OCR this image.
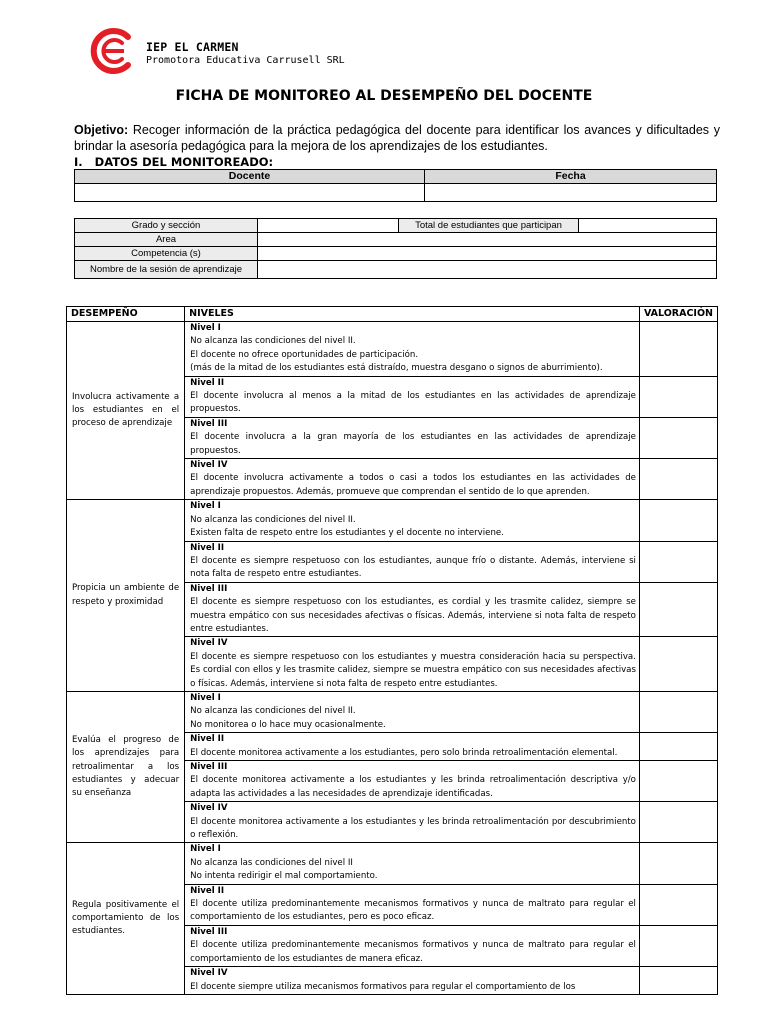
IEP EL CARMEN
Promotora Educativa Carrusell SRL
FICHA DE MONITOREO AL DESEMPEÑO DEL DOCENTE
Objetivo: Recoger información de la práctica pedagógica del docente para identificar los avances y dificultades y brindar la asesoría pedagógica para la mejora de los aprendizajes de los estudiantes.
I. DATOS DEL MONITOREADO:
Docente	Fecha

Grado y sección		Total de estudiantes que participan	
Area			
Competencia (s)			
Nombre de la sesión de aprendizaje			
DESEMPEÑO	NIVELES	VALORACIÓN
Involucra activamente a los estudiantes en el proceso de aprendizaje	Nivel I
No alcanza las condiciones del nivel II.
El docente no ofrece oportunidades de participación.
(más de la mitad de los estudiantes está distraído, muestra desgano o signos de aburrimiento).	

	Nivel II
El docente involucra al menos a la mitad de los estudiantes en las actividades de aprendizaje propuestos.	

	Nivel III
El docente involucra a la gran mayoría de los estudiantes en las actividades de aprendizaje propuestos.	

	Nivel IV
El docente involucra activamente a todos o casi a todos los estudiantes en las actividades de aprendizaje propuestos. Además, promueve que comprendan el sentido de lo que aprenden.	

Propicia un ambiente de respeto y proximidad	Nivel I
No alcanza las condiciones del nivel II.
Existen falta de respeto entre los estudiantes y el docente no interviene.	

	Nivel II
El docente es siempre respetuoso con los estudiantes, aunque frío o distante. Además, interviene si nota falta de respeto entre estudiantes.	

	Nivel III
El docente es siempre respetuoso con los estudiantes, es cordial y les trasmite calidez, siempre se muestra empático con sus necesidades afectivas o físicas. Además, interviene si nota falta de respeto entre estudiantes.	

	Nivel IV
El docente es siempre respetuoso con los estudiantes y muestra consideración hacia su perspectiva. Es cordial con ellos y les trasmite calidez, siempre se muestra empático con sus necesidades afectivas o físicas. Además, interviene si nota falta de respeto entre estudiantes.	

Evalúa el progreso de los aprendizajes para retroalimentar a los estudiantes y adecuar su enseñanza	Nivel I
No alcanza las condiciones del nivel II.
No monitorea o lo hace muy ocasionalmente.	

	Nivel II
El docente monitorea activamente a los estudiantes, pero solo brinda retroalimentación elemental.	

	Nivel III
El docente monitorea activamente a los estudiantes y les brinda retroalimentación descriptiva y/o adapta las actividades a las necesidades de aprendizaje identificadas.	

	Nivel IV
El docente monitorea activamente a los estudiantes y les brinda retroalimentación por descubrimiento o reflexión.	

Regula positivamente el comportamiento de los estudiantes.	Nivel I
No alcanza las condiciones del nivel II
No intenta redirigir el mal comportamiento.	

	Nivel II
El docente utiliza predominantemente mecanismos formativos y nunca de maltrato para regular el comportamiento de los estudiantes, pero es poco eficaz.	

	Nivel III
El docente utiliza predominantemente mecanismos formativos y nunca de maltrato para regular el comportamiento de los estudiantes de manera eficaz.	

	Nivel IV
El docente siempre utiliza mecanismos formativos para regular el comportamiento de los	
